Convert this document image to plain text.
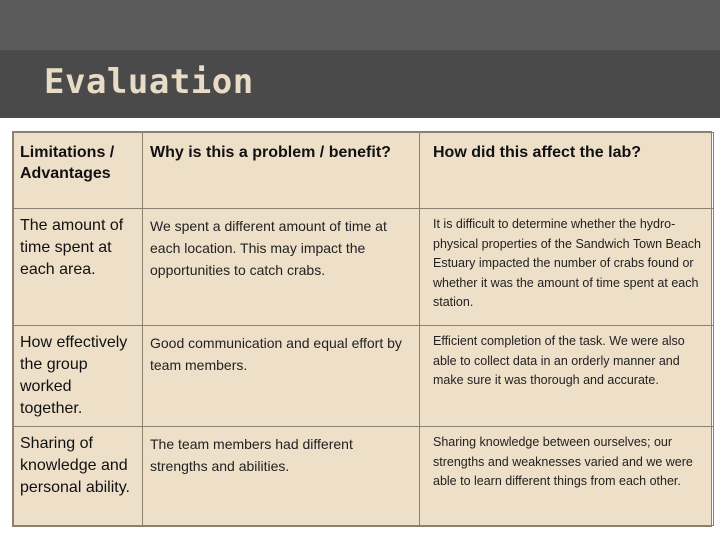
Evaluation
Limitations / Advantages	Why is this a problem / benefit?	How did this affect the lab?
The amount of time spent at each area.	We spent a different amount of time at each location. This may impact the opportunities to catch crabs.	It is difficult to determine whether the hydro-physical properties of the Sandwich Town Beach Estuary impacted the number of crabs found or whether it was the amount of time spent at each station.
How effectively the group worked together.	Good communication and equal effort by team members.	Efficient completion of the task. We were also able to collect data in an orderly manner and make sure it was thorough and accurate.
Sharing of knowledge and personal ability.	The team members had different strengths and abilities.	Sharing knowledge between ourselves; our strengths and weaknesses varied and we were able to learn different things from each other.
